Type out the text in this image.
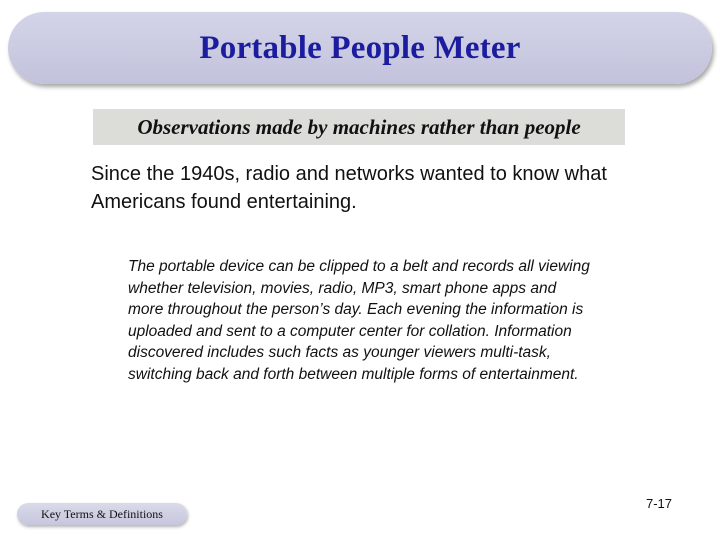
Portable People Meter
Observations made by machines rather than people

Since the 1940s, radio and networks wanted to know what Americans found entertaining.

The portable device can be clipped to a belt and records all viewing whether television, movies, radio, MP3, smart phone apps and more throughout the person’s day. Each evening the information is uploaded and sent to a computer center for collation. Information discovered includes such facts as younger viewers multi-task, switching back and forth between multiple forms of entertainment.

Key Terms & Definitions
7-17
